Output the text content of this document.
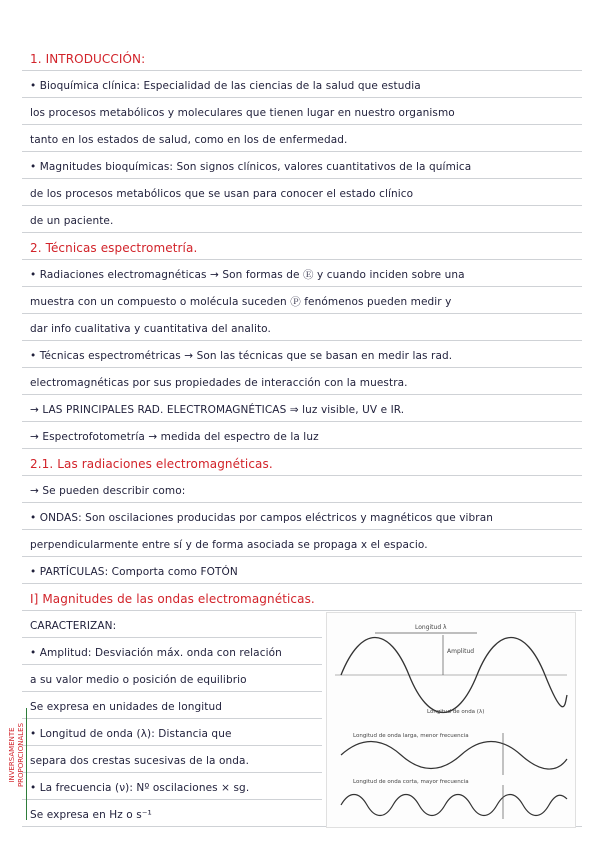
1. INTRODUCCIÓN:
• Bioquímica clínica: Especialidad de las ciencias de la salud que estudia
los procesos metabólicos y moleculares que tienen lugar en nuestro organismo
tanto en los estados de salud, como en los de enfermedad.
• Magnitudes bioquímicas: Son signos clínicos, valores cuantitativos de la química
de los procesos metabólicos que se usan para conocer el estado clínico
de un paciente.
2. Técnicas espectrometría.
• Radiaciones electromagnéticas → Son formas de Ⓔ y cuando inciden sobre una
muestra con un compuesto o molécula suceden Ⓟ fenómenos pueden medir y
dar info cualitativa y cuantitativa del analito.
• Técnicas espectrométricas → Son las técnicas que se basan en medir las rad.
electromagnéticas por sus propiedades de interacción con la muestra.
→ LAS PRINCIPALES RAD. ELECTROMAGNÉTICAS ⇒ luz visible, UV e IR.
→ Espectrofotometría → medida del espectro de la luz
2.1. Las radiaciones electromagnéticas.
→ Se pueden describir como:
• ONDAS: Son oscilaciones producidas por campos eléctricos y magnéticos que vibran
perpendicularmente entre sí y de forma asociada se propaga x el espacio.
• PARTÍCULAS: Comporta como FOTÓN
I] Magnitudes de las ondas electromagnéticas.
CARACTERIZAN:
• Amplitud: Desviación máx. onda con relación
a su valor medio o posición de equilibrio
Se expresa en unidades de longitud
• Longitud de onda (λ): Distancia que
separa dos crestas sucesivas de la onda.
• La frecuencia (ν): Nº oscilaciones × sg.
Se expresa en Hz o s⁻¹
INVERSAMENTE PROPORCIONALES
Longitud λ
Amplitud
Longitud de onda (λ)
Longitud de onda larga, menor frecuencia
Longitud de onda corta, mayor frecuencia
